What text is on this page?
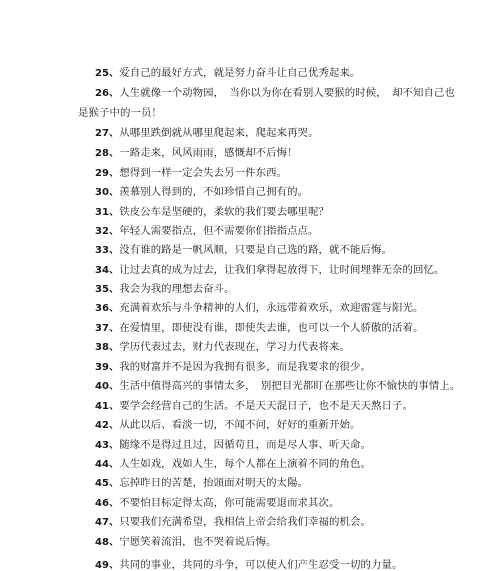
25、爱自己的最好方式，就是努力奋斗让自己优秀起来。
26、人生就像一个动物园，　当你以为你在看别人要猴的时候，　却不知自己也
是猴子中的一员！
27、从哪里跌倒就从哪里爬起来，爬起来再哭。
28、一路走来，风风雨雨，感慨却不后悔！
29、想得到一样一定会失去另一件东西。
30、羡慕别人得到的，不如珍惜自己拥有的。
31、铁皮公车是坚硬的，柔软的我们要去哪里呢？
32、年轻人需要指点，但不需要你们指指点点。
33、没有谁的路是一帆风顺，只要是自己选的路，就不能后悔。
34、让过去真的成为过去，让我们拿得起放得下，让时间埋葬无奈的回忆。
35、我会为我的理想去奋斗。
36、充满着欢乐与斗争精神的人们，永远带着欢乐，欢迎雷霆与阳光。
37、在爱情里，即使没有谁，即使失去谁，也可以一个人骄傲的活着。
38、学历代表过去，财力代表现在，学习力代表将来。
39、我的财富并不是因为我拥有很多，而是我要求的很少。
40、生活中值得高兴的事情太多，　别把目光都盯在那些让你不愉快的事情上。
41、要学会经营自己的生活。不是天天混日子，也不是天天熬日子。
42、从此以后、看淡一切，不闻不问，好好的重新开始。
43、随缘不是得过且过，因循苟且，而是尽人事、听天命。
44、人生如戏，戏如人生，每个人都在上演着不同的角色。
45、忘掉昨日的苦楚，抬頭面对明天的太陽。
46、不要怕目标定得太高，你可能需要退而求其次。
47、只要我们充满希望，我相信上帝会给我们幸福的机会。
48、宁愿笑着流泪，也不哭着说后悔。
49、共同的事业，共同的斗争，可以使人们产生忍受一切的力量。
